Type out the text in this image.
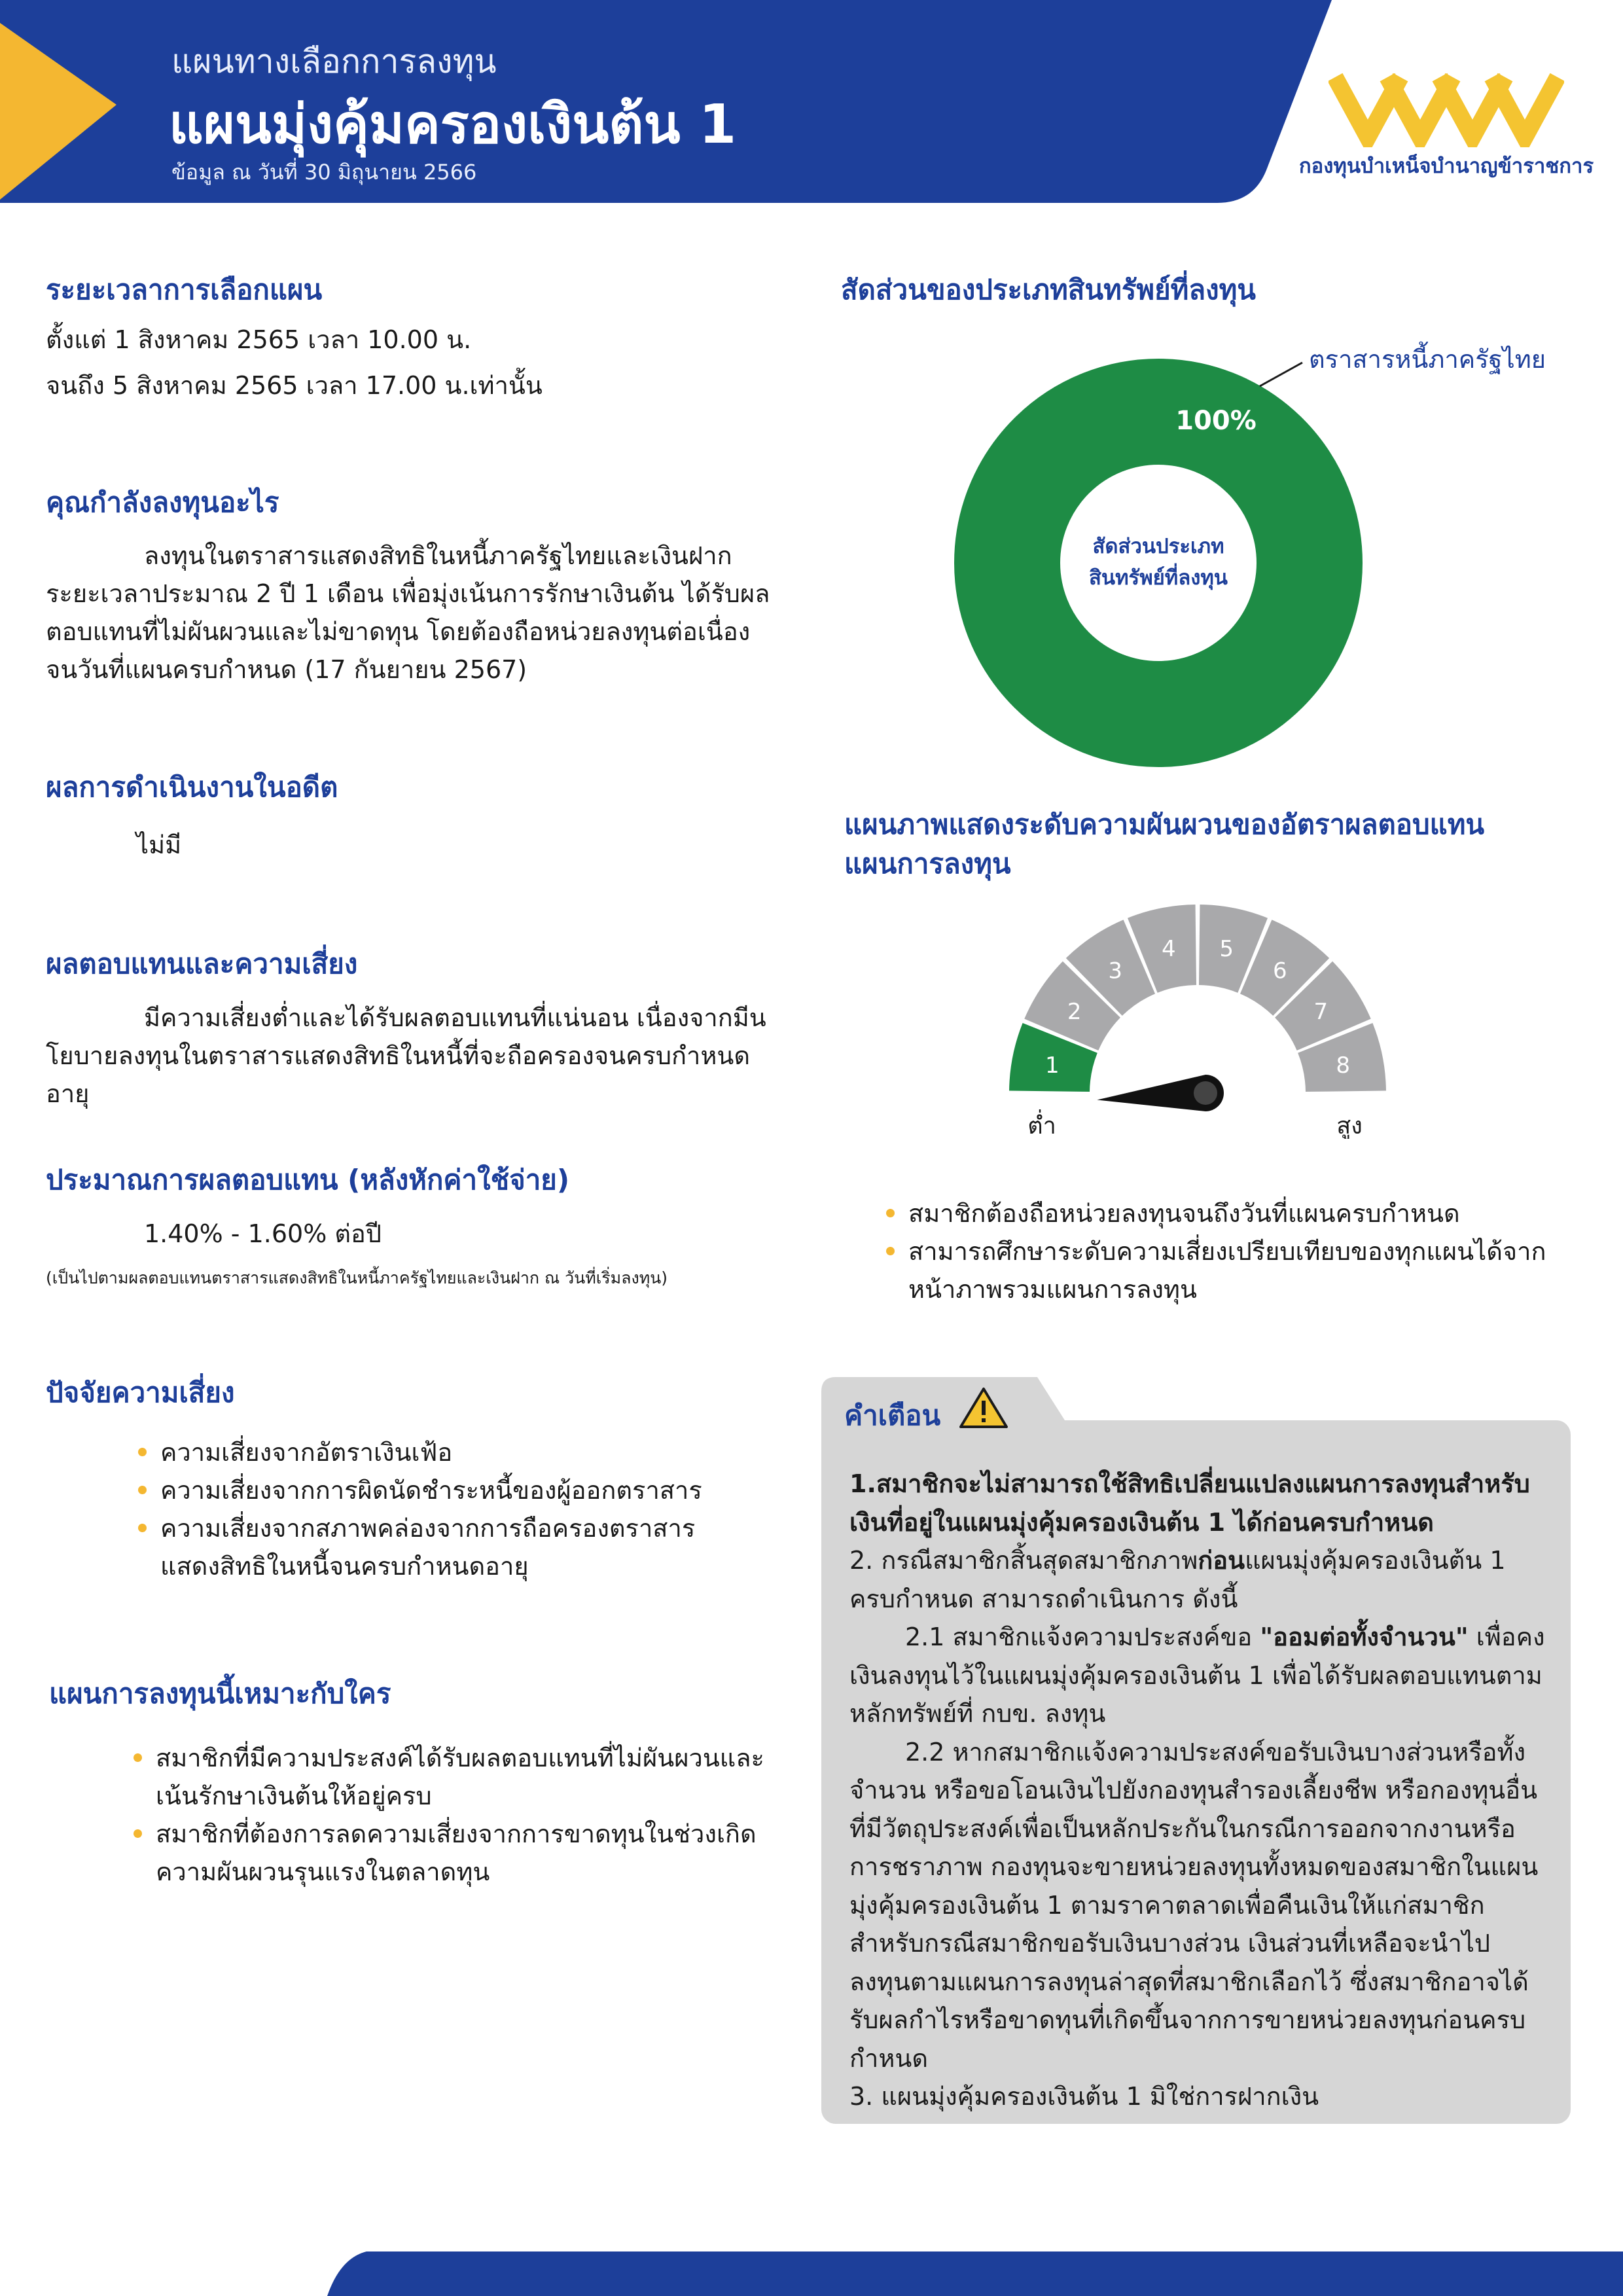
แผนทางเลือกการลงทุน
แผนมุ่งคุ้มครองเงินต้น 1
ข้อมูล ณ วันที่ 30 มิถุนายน 2566	กองทุนบำเหน็จบำนาญข้าราชการ
ระยะเวลาการเลือกแผน
ตั้งแต่ 1 สิงหาคม 2565 เวลา 10.00 น.
จนถึง 5 สิงหาคม 2565 เวลา 17.00 น.เท่านั้น
คุณกำลังลงทุนอะไร
ลงทุนในตราสารแสดงสิทธิในหนี้ภาครัฐไทยและเงินฝากระยะเวลาประมาณ 2 ปี 1 เดือน เพื่อมุ่งเน้นการรักษาเงินต้น ได้รับผลตอบแทนที่ไม่ผันผวนและไม่ขาดทุน โดยต้องถือหน่วยลงทุนต่อเนื่องจนวันที่แผนครบกำหนด (17 กันยายน 2567)
ผลการดำเนินงานในอดีต
ไม่มี
ผลตอบแทนและความเสี่ยง
มีความเสี่ยงต่ำและได้รับผลตอบแทนที่แน่นอน เนื่องจากมีนโยบายลงทุนในตราสารแสดงสิทธิในหนี้ที่จะถือครองจนครบกำหนดอายุ
ประมาณการผลตอบแทน (หลังหักค่าใช้จ่าย)
1.40% - 1.60% ต่อปี
(เป็นไปตามผลตอบแทนตราสารแสดงสิทธิในหนี้ภาครัฐไทยและเงินฝาก ณ วันที่เริ่มลงทุน)
ปัจจัยความเสี่ยง
ความเสี่ยงจากอัตราเงินเฟ้อ
ความเสี่ยงจากการผิดนัดชำระหนี้ของผู้ออกตราสาร
ความเสี่ยงจากสภาพคล่องจากการถือครองตราสารแสดงสิทธิในหนี้จนครบกำหนดอายุ
แผนการลงทุนนี้เหมาะกับใคร
สมาชิกที่มีความประสงค์ได้รับผลตอบแทนที่ไม่ผันผวนและเน้นรักษาเงินต้นให้อยู่ครบ
สมาชิกที่ต้องการลดความเสี่ยงจากการขาดทุนในช่วงเกิดความผันผวนรุนแรงในตลาดทุน
สัดส่วนของประเภทสินทรัพย์ที่ลงทุน
100%
สัดส่วนประเภท
สินทรัพย์ที่ลงทุน
ตราสารหนี้ภาครัฐไทย
แผนภาพแสดงระดับความผันผวนของอัตราผลตอบแทน
แผนการลงทุน
1
2
3
4 5
6
7
8
ต่ำ	สูง
สมาชิกต้องถือหน่วยลงทุนจนถึงวันที่แผนครบกำหนด
สามารถศึกษาระดับความเสี่ยงเปรียบเทียบของทุกแผนได้จากหน้าภาพรวมแผนการลงทุน
คำเตือน

1.สมาชิกจะไม่สามารถใช้สิทธิเปลี่ยนแปลงแผนการลงทุนสำหรับเงินที่อยู่ในแผนมุ่งคุ้มครองเงินต้น 1 ได้ก่อนครบกำหนด

2. กรณีสมาชิกสิ้นสุดสมาชิกภาพก่อนแผนมุ่งคุ้มครองเงินต้น 1 ครบกำหนด สามารถดำเนินการ ดังนี้

2.1 สมาชิกแจ้งความประสงค์ขอ "ออมต่อทั้งจำนวน" เพื่อคงเงินลงทุนไว้ในแผนมุ่งคุ้มครองเงินต้น 1 เพื่อได้รับผลตอบแทนตามหลักทรัพย์ที่ กบข. ลงทุน

2.2 หากสมาชิกแจ้งความประสงค์ขอรับเงินบางส่วนหรือทั้งจำนวน หรือขอโอนเงินไปยังกองทุนสำรองเลี้ยงชีพ หรือกองทุนอื่นที่มีวัตถุประสงค์เพื่อเป็นหลักประกันในกรณีการออกจากงานหรือการชราภาพ กองทุนจะขายหน่วยลงทุนทั้งหมดของสมาชิกในแผนมุ่งคุ้มครองเงินต้น 1 ตามราคาตลาดเพื่อคืนเงินให้แก่สมาชิก สำหรับกรณีสมาชิกขอรับเงินบางส่วน เงินส่วนที่เหลือจะนำไปลงทุนตามแผนการลงทุนล่าสุดที่สมาชิกเลือกไว้ ซึ่งสมาชิกอาจได้รับผลกำไรหรือขาดทุนที่เกิดขึ้นจากการขายหน่วยลงทุนก่อนครบกำหนด

3. แผนมุ่งคุ้มครองเงินต้น 1 มิใช่การฝากเงิน
